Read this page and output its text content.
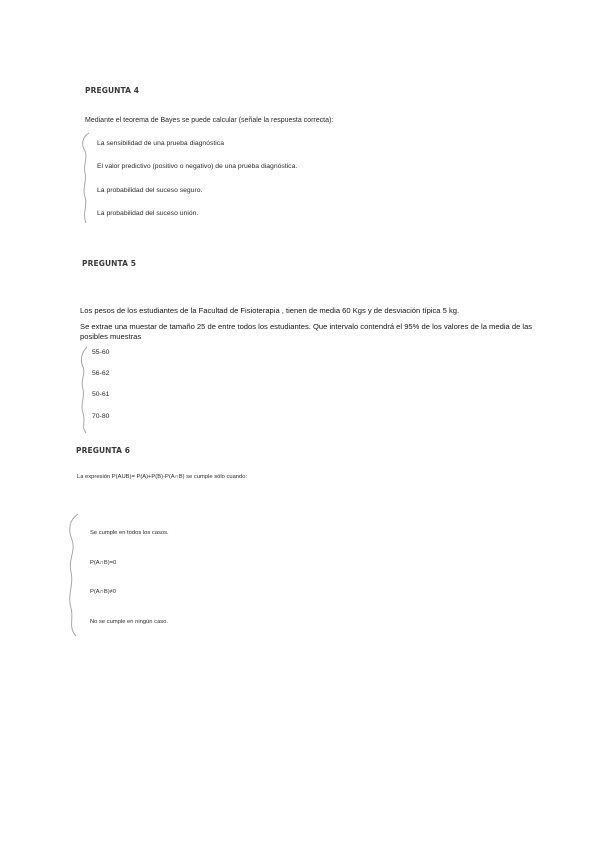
PREGUNTA 4
Mediante el teorema de Bayes se puede calcular (señale la respuesta correcta):
La sensibilidad de una prueba diagnóstica
El valor predictivo (positivo o negativo) de una prueba diagnóstica.
La probabilidad del suceso seguro.
La probabilidad del suceso unión.
PREGUNTA 5
Los pesos de los estudiantes de la Facultad de Fisioterapia , tienen de media 60 Kgs y de desviación típica 5 kg.
Se extrae una muestar de tamaño 25 de entre todos los estudiantes. Que intervalo contendrá el 95% de los valores de la media de las posibles muestras
55-60
56-62
50-61
70-80
PREGUNTA 6
La expresión P(AUB)= P(A)+P(B)-P(A∩B) se cumple sólo cuando:
Se cumple en todos los casos.
P(A∩B)=0
P(A∩B)≠0
No se cumple en ningún caso.
